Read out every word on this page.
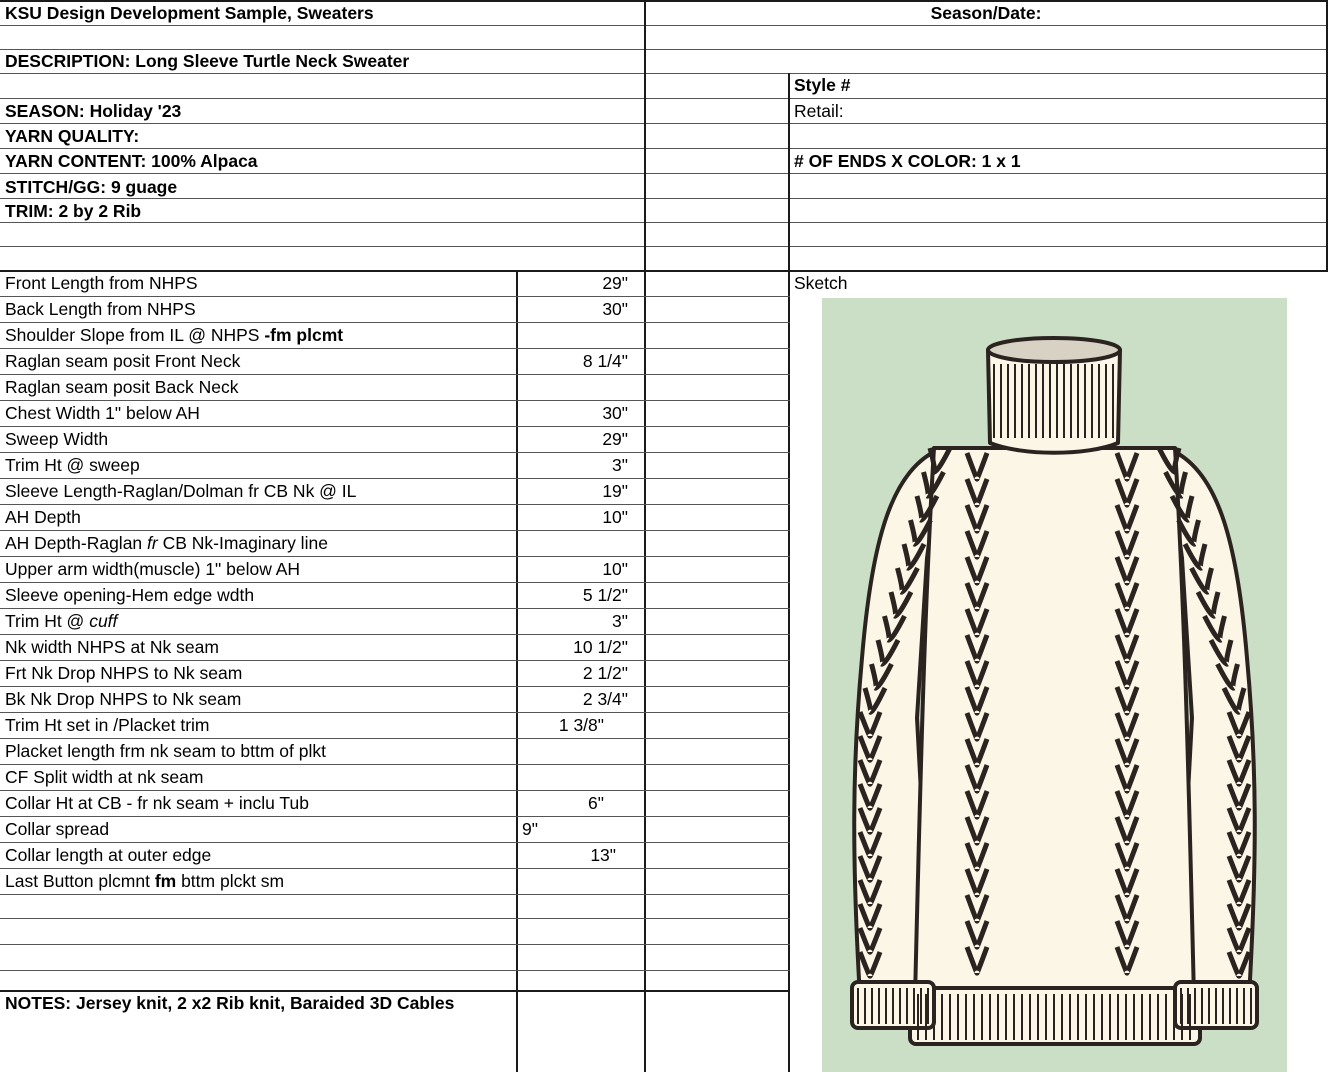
KSU Design Development Sample, Sweaters	Season/Date:
DESCRIPTION: Long Sleeve Turtle Neck Sweater
Style #
Retail:
SEASON: Holiday '23
YARN QUALITY:
YARN CONTENT: 100% Alpaca	# OF ENDS X COLOR: 1 x 1
STITCH/GG: 9 guage
TRIM: 2 by 2 Rib
Sketch
Front Length from NHPS	29"
Back Length from NHPS	30"
Shoulder Slope from IL @ NHPS -fm plcmt
Raglan seam posit Front Neck	8 1/4"
Raglan seam posit Back Neck
Chest Width 1" below AH	30"
Sweep Width	29"
Trim Ht @ sweep	3"
Sleeve Length-Raglan/Dolman fr CB Nk @ IL	19"
AH Depth	10"
AH Depth-Raglan fr CB Nk-Imaginary line
Upper arm width(muscle) 1" below AH	10"
Sleeve opening-Hem edge wdth	5 1/2"
Trim Ht @ cuff	3"
Nk width NHPS at Nk seam	10 1/2"
Frt Nk Drop NHPS to Nk seam	2 1/2"
Bk Nk Drop NHPS to Nk seam	2 3/4"
Trim Ht set in /Placket trim	1 3/8"
Placket length frm nk seam to bttm of plkt
CF Split width at nk seam
Collar Ht at CB - fr nk seam + inclu Tub	6"
Collar spread	9"
Collar length at outer edge	13"
Last Button plcmnt fm bttm plckt sm
NOTES: Jersey knit, 2 x2 Rib knit, Baraided 3D Cables
